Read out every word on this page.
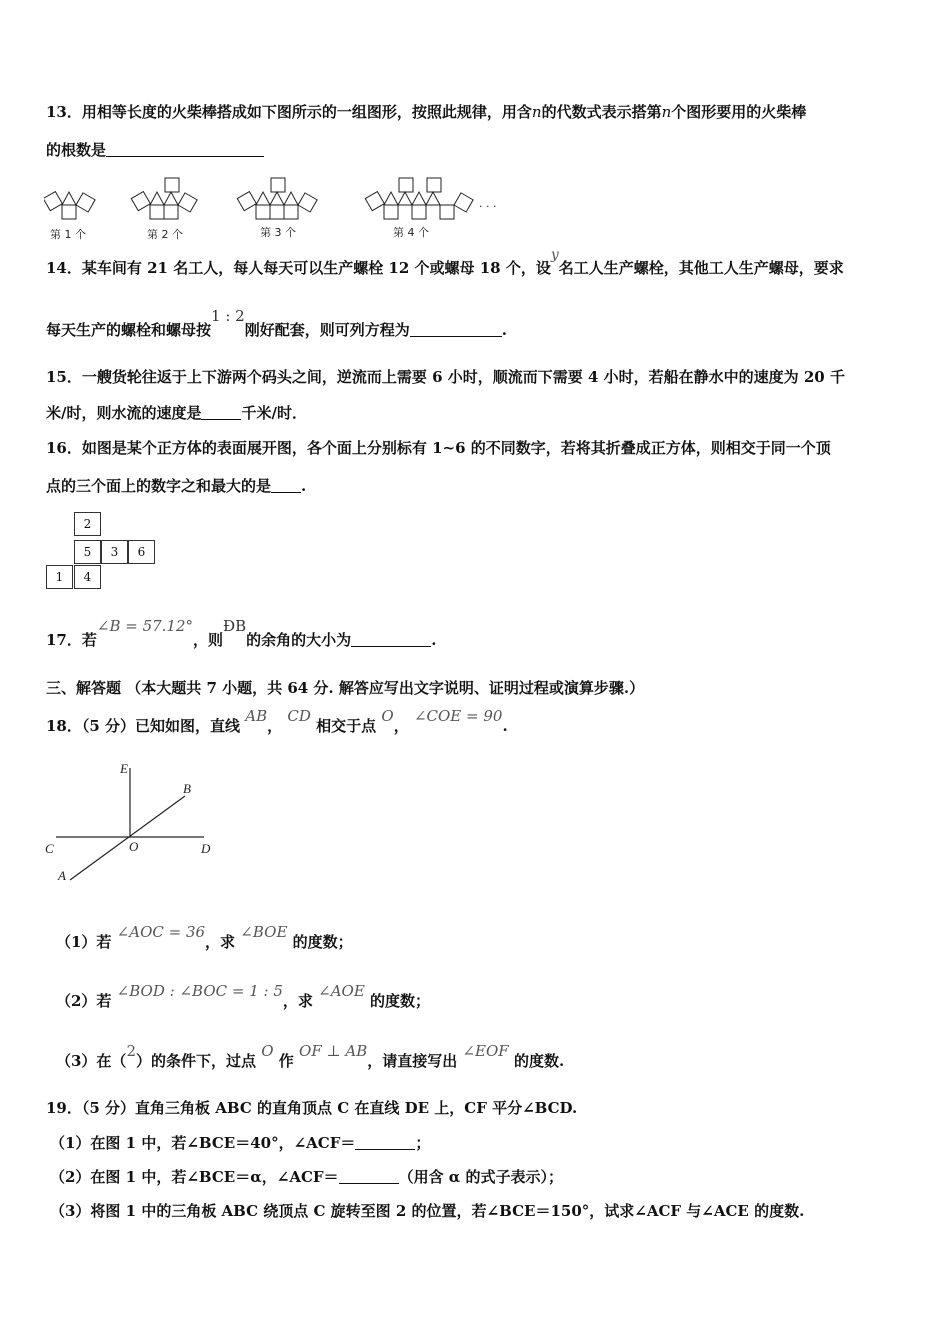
13．用相等长度的火柴棒搭成如下图所示的一组图形，按照此规律，用含n的代数式表示搭第n个图形要用的火柴棒
的根数是
第 1 个	第 2 个	第 3 个	第 4 个
· · ·
14．某车间有 21 名工人，每人每天可以生产螺栓 12 个或螺母 18 个，设y名工人生产螺栓，其他工人生产螺母，要求
每天生产的螺栓和螺母按1 : 2刚好配套，则可列方程为	.
15．一艘货轮往返于上下游两个码头之间，逆流而上需要 6 小时，顺流而下需要 4 小时，若船在静水中的速度为 20 千
米/时，则水流的速度是	千米/时．
16．如图是某个正方体的表面展开图，各个面上分别标有 1~6 的不同数字，若将其折叠成正方体，则相交于同一个顶
点的三个面上的数字之和最大的是 .
2
5	3	6
1	4
17．若∠B = 57.12°，则ÐB的余角的大小为	.
三、解答题 （本大题共 7 小题，共 64 分. 解答应写出文字说明、证明过程或演算步骤.）
18．（5 分）已知如图，直线 AB， CD 相交于点 O， ∠COE = 90.
E
B
C	O	D
A
（1）若 ∠AOC = 36，求 ∠BOE 的度数；
（2）若 ∠BOD : ∠BOC = 1 : 5，求 ∠AOE 的度数；
（3）在（2）的条件下，过点 O 作 OF ⊥ AB，请直接写出 ∠EOF 的度数.
19．（5 分）直角三角板 ABC 的直角顶点 C 在直线 DE 上，CF 平分∠BCD.
（1）在图 1 中，若∠BCE＝40°，∠ACF＝	；
（2）在图 1 中，若∠BCE＝α，∠ACF＝	（用含 α 的式子表示）；
（3）将图 1 中的三角板 ABC 绕顶点 C 旋转至图 2 的位置，若∠BCE＝150°，试求∠ACF 与∠ACE 的度数.
